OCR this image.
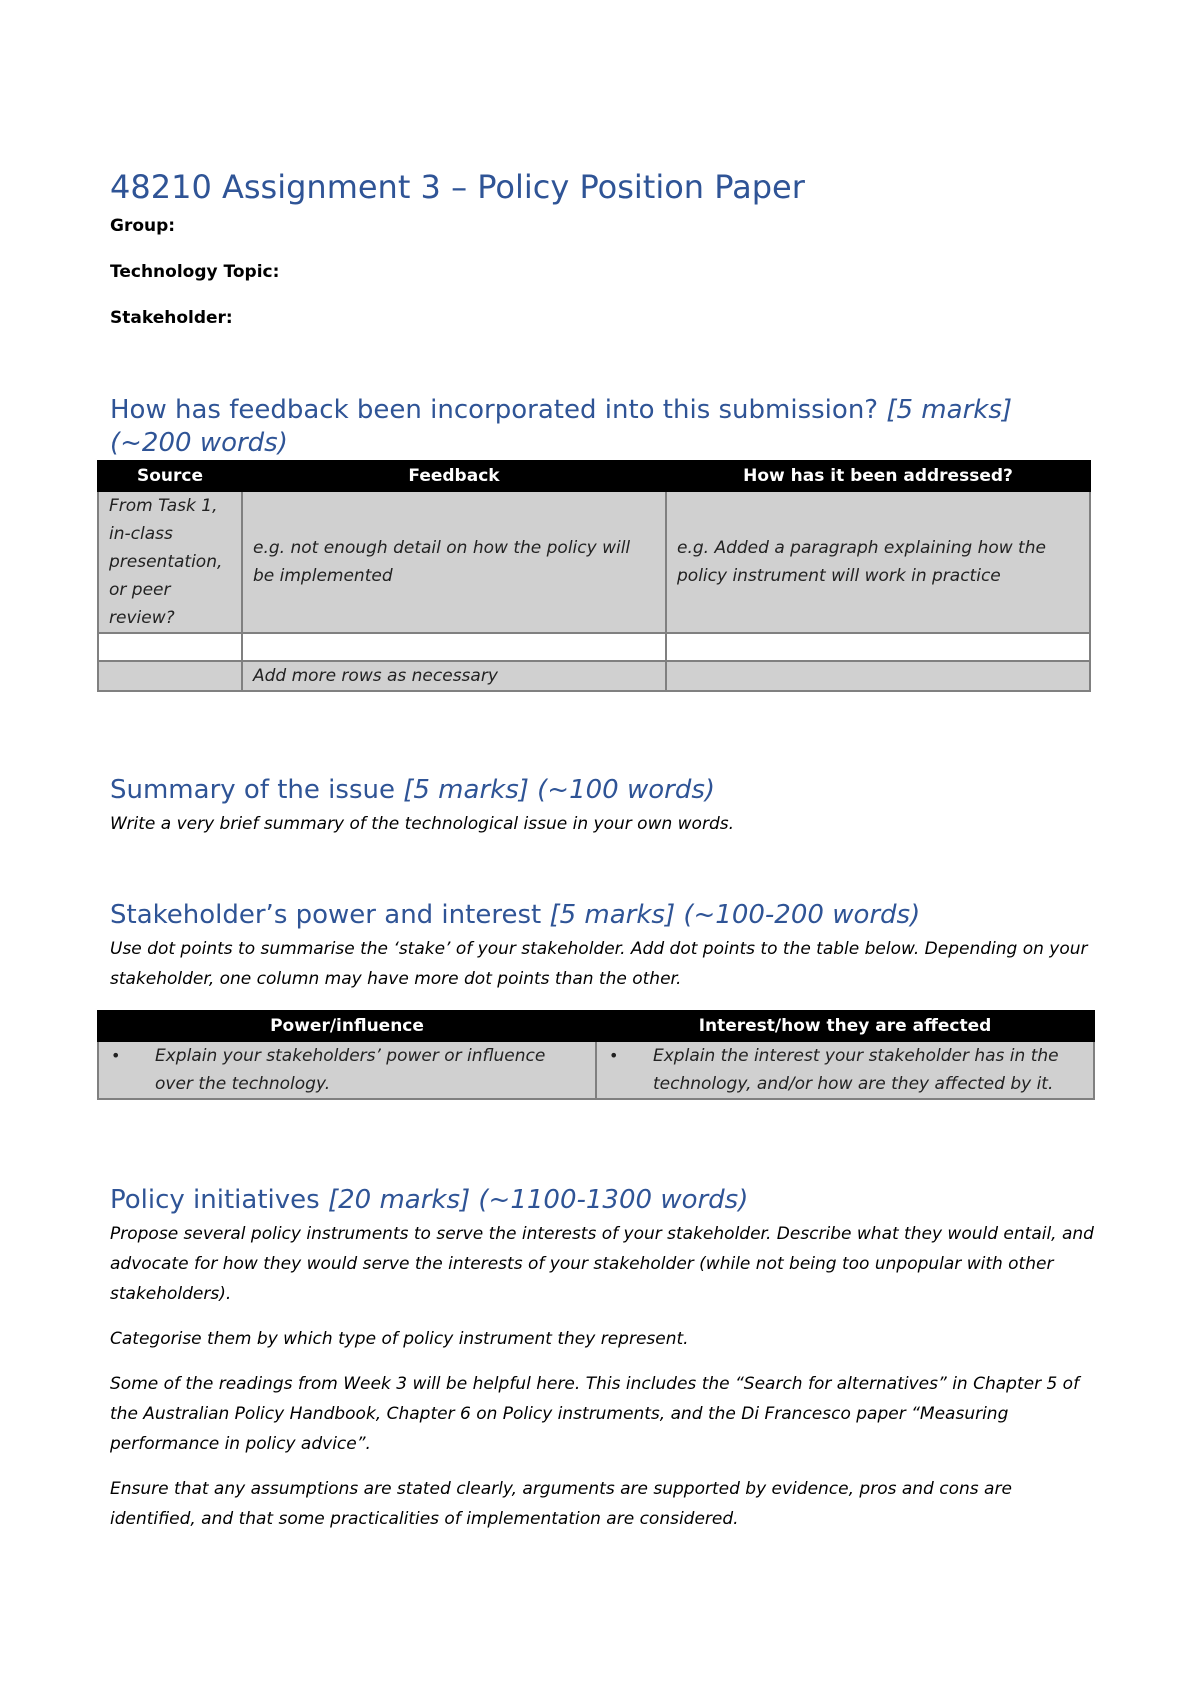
48210 Assignment 3 – Policy Position Paper
Group:
Technology Topic:
Stakeholder:
How has feedback been incorporated into this submission? [5 marks] (~200 words)
Source	Feedback	How has it been addressed?
From Task 1, in-class presentation, or peer review?	e.g. not enough detail on how the policy will be implemented	e.g. Added a paragraph explaining how the policy instrument will work in practice

	Add more rows as necessary	
Summary of the issue [5 marks] (~100 words)
Write a very brief summary of the technological issue in your own words.
Stakeholder’s power and interest [5 marks] (~100-200 words)
Use dot points to summarise the ‘stake’ of your stakeholder. Add dot points to the table below. Depending on your stakeholder, one column may have more dot points than the other.
Power/influence	Interest/how they are affected

• Explain your stakeholders’ power or influence over the technology.	• Explain the interest your stakeholder has in the technology, and/or how are they affected by it.
Policy initiatives [20 marks] (~1100-1300 words)
Propose several policy instruments to serve the interests of your stakeholder. Describe what they would entail, and advocate for how they would serve the interests of your stakeholder (while not being too unpopular with other stakeholders).
Categorise them by which type of policy instrument they represent.
Some of the readings from Week 3 will be helpful here. This includes the “Search for alternatives” in Chapter 5 of the Australian Policy Handbook, Chapter 6 on Policy instruments, and the Di Francesco paper “Measuring performance in policy advice”.
Ensure that any assumptions are stated clearly, arguments are supported by evidence, pros and cons are identified, and that some practicalities of implementation are considered.
